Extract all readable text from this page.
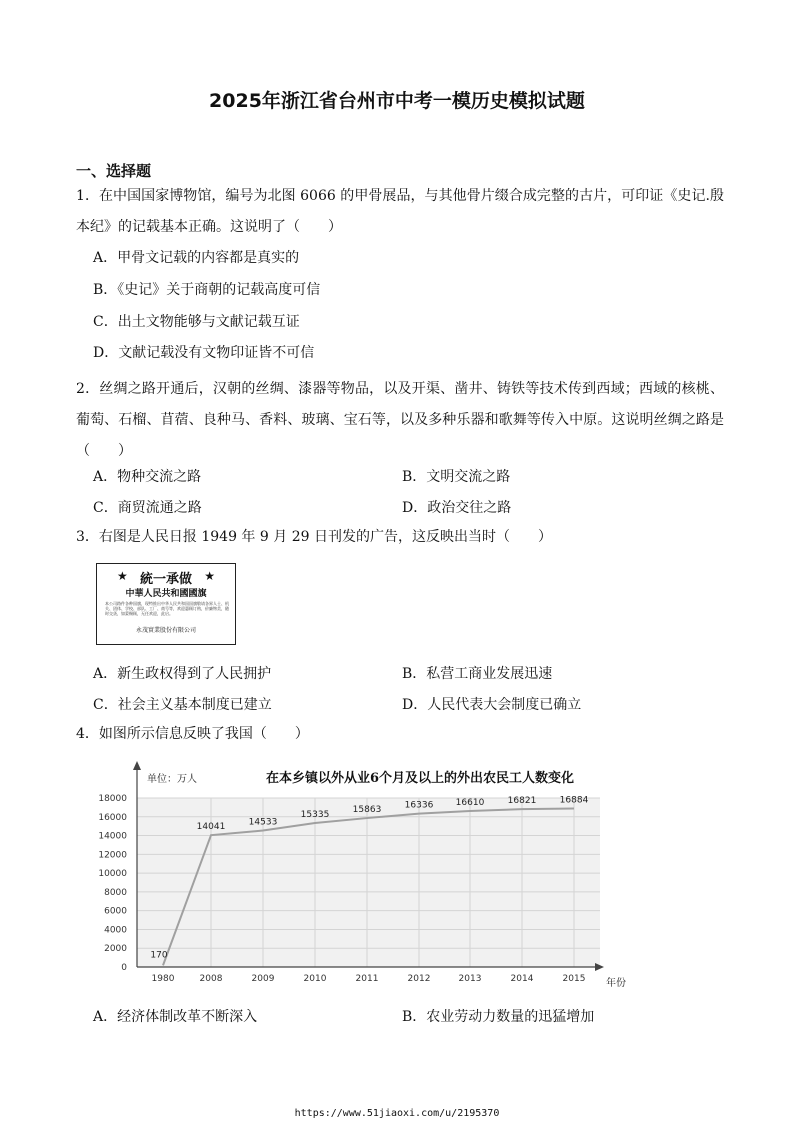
2025年浙江省台州市中考一模历史模拟试题
一、选择题
1．在中国国家博物馆，编号为北图 6066 的甲骨展品，与其他骨片缀合成完整的古片，可印证《史记.殷本纪》的记载基本正确。这说明了（　　）
A．甲骨文记载的内容都是真实的
B．《史记》关于商朝的记载高度可信
C．出土文物能够与文献记载互证
D．文献记载没有文物印证皆不可信
2．丝绸之路开通后，汉朝的丝绸、漆器等物品，以及开渠、凿井、铸铁等技术传到西域；西域的核桃、葡萄、石榴、苜蓿、良种马、香料、玻璃、宝石等，以及多种乐器和歌舞等传入中原。这说明丝绸之路是（　　）
A．物种交流之路	B．文明交流之路
C．商贸流通之路	D．政治交往之路
3．右图是人民日报 1949 年 9 月 29 日刊发的广告，这反映出当时（　　）
★	★
統一承做
中華人民共和國國旗
本公司路件各种国旗，现特推出中华人民共和国国旗敬请各界人士、机关、团体、学校、部队、工厂、商号等，欢迎惠顾订购，价廉物美，随时交货，如蒙赐顾，无任欢迎，此启。
永茂實業股份有限公司
A．新生政权得到了人民拥护	B．私营工商业发展迅速
C．社会主义基本制度已建立	D．人民代表大会制度已确立
4．如图所示信息反映了我国（　　）
单位：万人	在本乡镇以外从业6个月及以上的外出农民工人数变化
年份
0
2000
4000
6000
8000
10000
12000
14000
16000
18000
1980	2008	2009	2010	2011	2012	2013	2014	2015
170
14041	14533
15335	15863	16336 16610	16821	16884
A．经济体制改革不断深入	B．农业劳动力数量的迅猛增加
https://www.51jiaoxi.com/u/2195370
